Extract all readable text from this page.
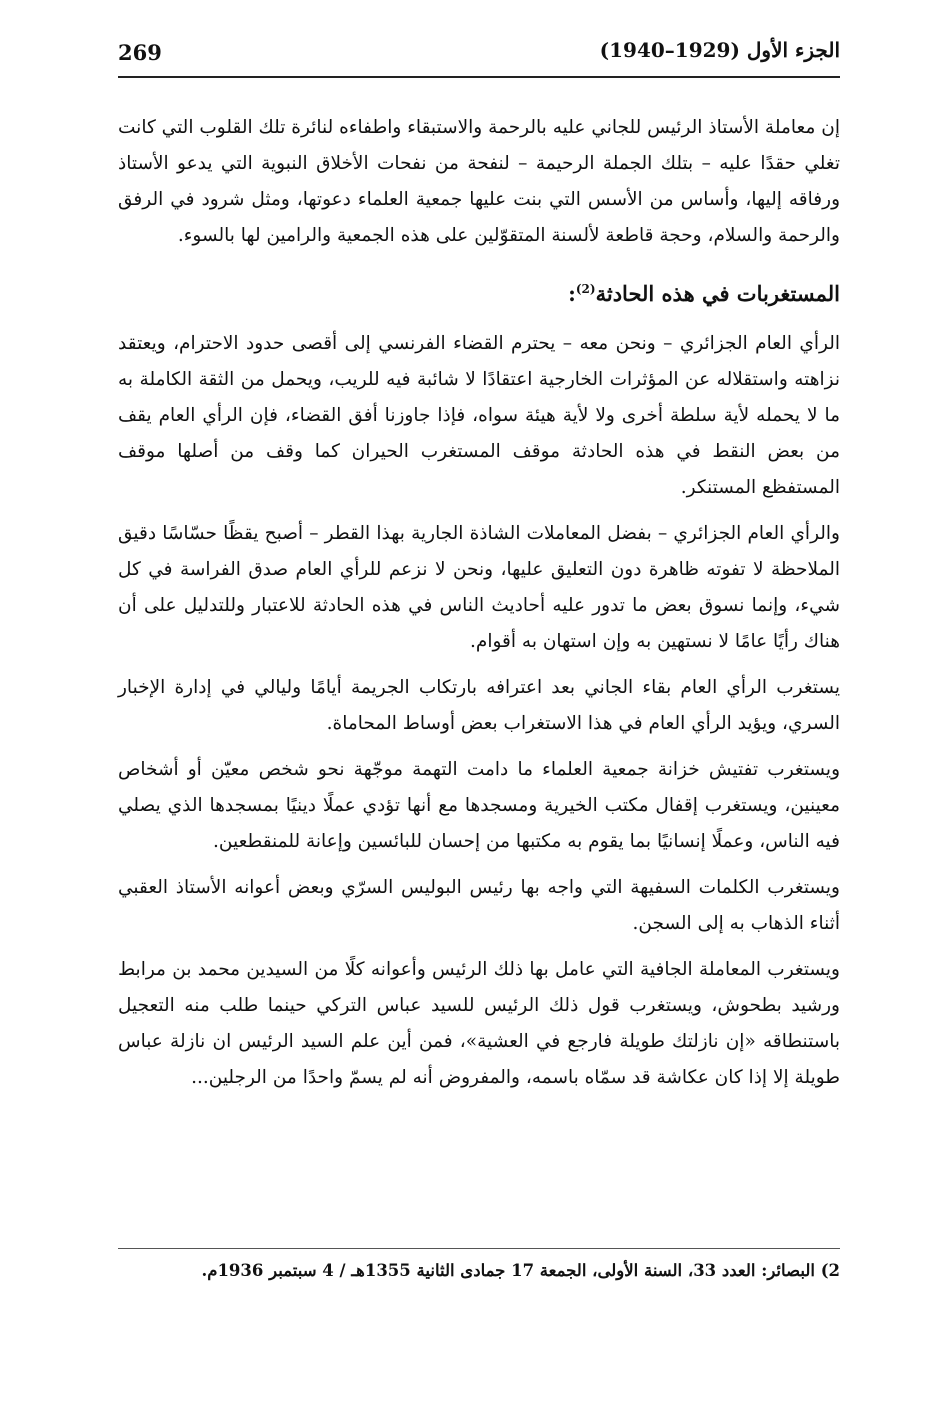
269	الجزء الأول (1929–1940)

إن معاملة الأستاذ الرئيس للجاني عليه بالرحمة والاستبقاء واطفاءه لنائرة تلك القلوب التي كانت تغلي حقدًا عليه – بتلك الجملة الرحيمة – لنفحة من نفحات الأخلاق النبوية التي يدعو الأستاذ ورفاقه إليها، وأساس من الأسس التي بنت عليها جمعية العلماء دعوتها، ومثل شرود في الرفق والرحمة والسلام، وحجة قاطعة لألسنة المتقوّلين على هذه الجمعية والرامين لها بالسوء.

المستغربات في هذه الحادثة$^{(2)}$:

الرأي العام الجزائري – ونحن معه – يحترم القضاء الفرنسي إلى أقصى حدود الاحترام، ويعتقد نزاهته واستقلاله عن المؤثرات الخارجية اعتقادًا لا شائبة فيه للريب، ويحمل من الثقة الكاملة به ما لا يحمله لأية سلطة أخرى ولا لأية هيئة سواه، فإذا جاوزنا أفق القضاء، فإن الرأي العام يقف من بعض النقط في هذه الحادثة موقف المستغرب الحيران كما وقف من أصلها موقف المستفظع المستنكر.

والرأي العام الجزائري – بفضل المعاملات الشاذة الجارية بهذا القطر – أصبح يقظًا حسّاسًا دقيق الملاحظة لا تفوته ظاهرة دون التعليق عليها، ونحن لا نزعم للرأي العام صدق الفراسة في كل شيء، وإنما نسوق بعض ما تدور عليه أحاديث الناس في هذه الحادثة للاعتبار وللتدليل على أن هناك رأيًا عامًا لا نستهين به وإن استهان به أقوام.

يستغرب الرأي العام بقاء الجاني بعد اعترافه بارتكاب الجريمة أيامًا وليالي في إدارة الإخبار السري، ويؤيد الرأي العام في هذا الاستغراب بعض أوساط المحاماة.

ويستغرب تفتيش خزانة جمعية العلماء ما دامت التهمة موجّهة نحو شخص معيّن أو أشخاص معينين، ويستغرب إقفال مكتب الخيرية ومسجدها مع أنها تؤدي عملًا دينيًا بمسجدها الذي يصلي فيه الناس، وعملًا إنسانيًا بما يقوم به مكتبها من إحسان للبائسين وإعانة للمنقطعين.

ويستغرب الكلمات السفيهة التي واجه بها رئيس البوليس السرّي وبعض أعوانه الأستاذ العقبي أثناء الذهاب به إلى السجن.

ويستغرب المعاملة الجافية التي عامل بها ذلك الرئيس وأعوانه كلًا من السيدين محمد بن مرابط ورشيد بطحوش، ويستغرب قول ذلك الرئيس للسيد عباس التركي حينما طلب منه التعجيل باستنطاقه «إن نازلتك طويلة فارجع في العشية»، فمن أين علم السيد الرئيس ان نازلة عباس طويلة إلا إذا كان عكاشة قد سمّاه باسمه، والمفروض أنه لم يسمّ واحدًا من الرجلين...

2) البصائر: العدد 33، السنة الأولى، الجمعة 17 جمادى الثانية 1355هـ / 4 سبتمبر 1936م.
